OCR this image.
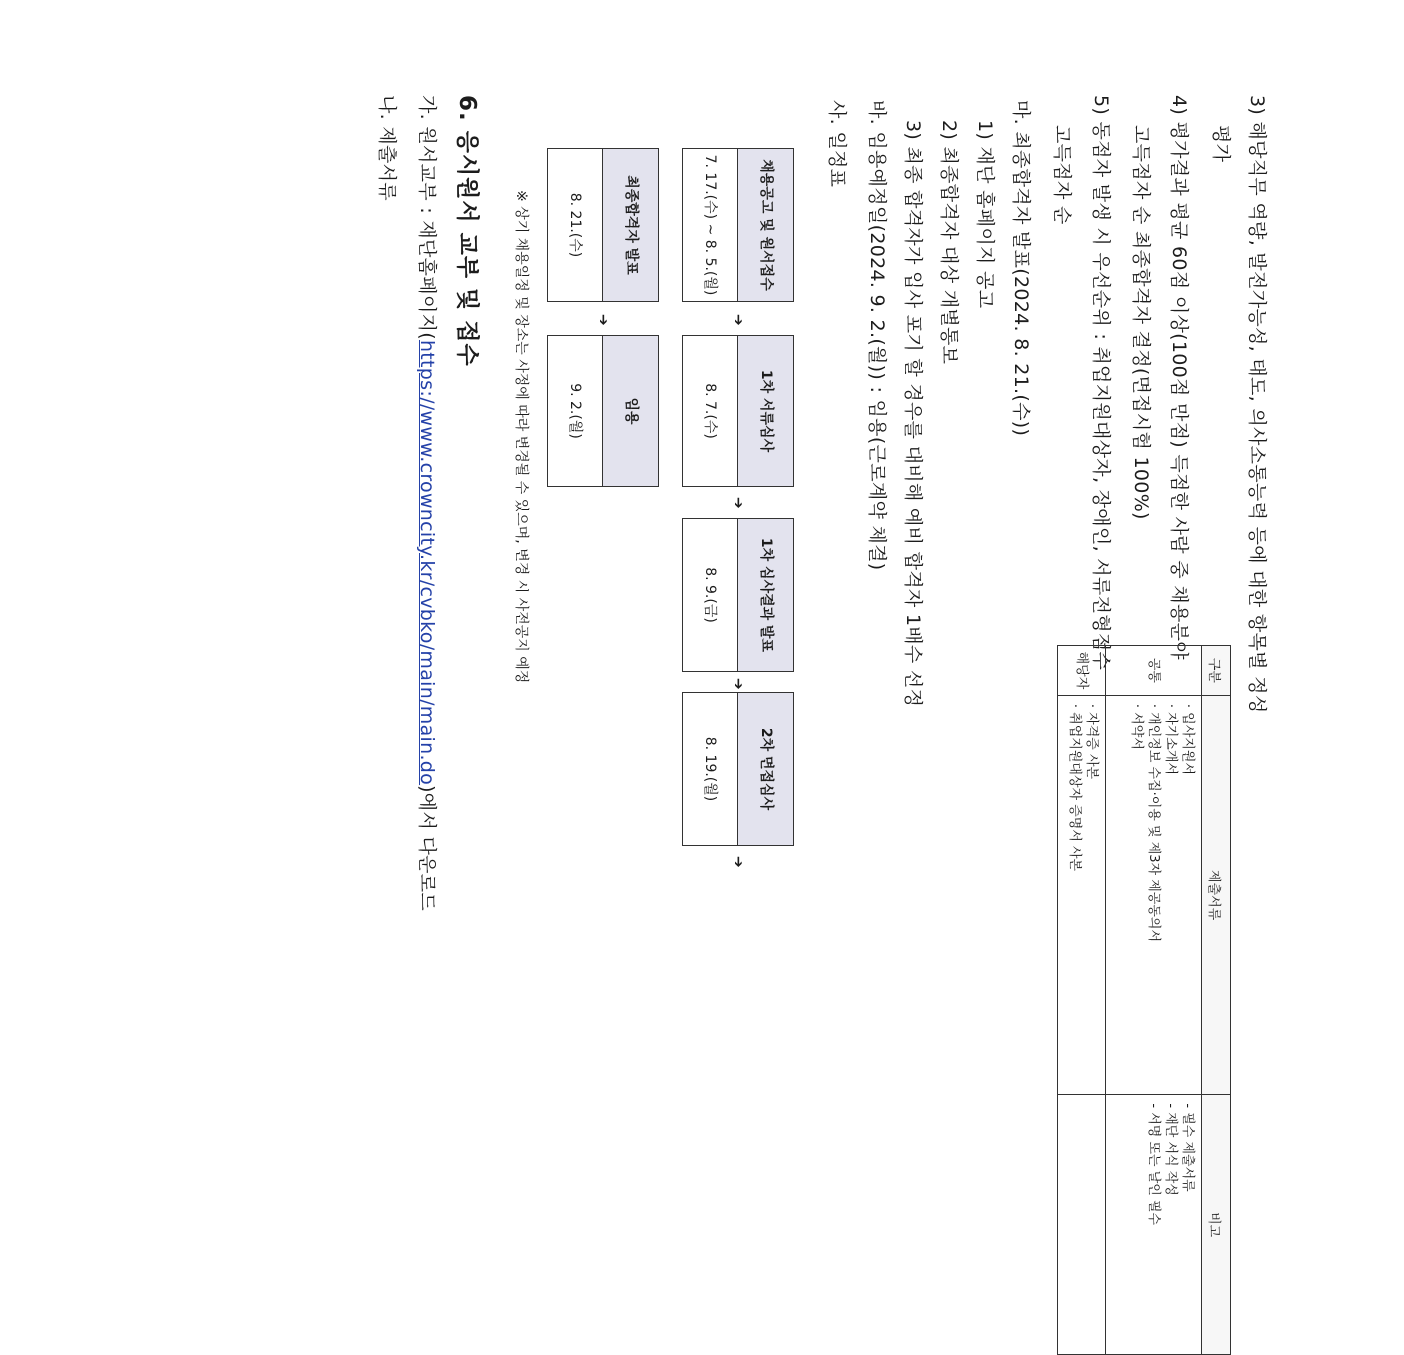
3) 해당직무 역량, 발전가능성, 태도, 의사소통능력 등에 대한 항목별 정성
평가
4) 평가결과 평균 60점 이상(100점 만점) 득점한 사람 중 채용분야
고득점자 순 최종합격자 결정(면접시험 100%)
5) 동점자 발생 시 우선순위 : 취업지원대상자, 장애인, 서류전형점수
고득점자 순
마. 최종합격자 발표(2024. 8. 21.(수))
1) 재단 홈페이지 공고
2) 최종합격자 대상 개별통보
3) 최종 합격자가 입사 포기 할 경우를 대비해 예비 합격자 1배수 선정
바. 임용예정일(2024. 9. 2.(월)) : 임용(근로계약 체결)
사. 일정표
채용공고 및 원서접수
7. 17.(수) ~ 8. 5.(월)
➔
1차 서류심사
8. 7.(수)
➔
1차 심사결과 발표
8. 9.(금)
➔
2차 면접심사
8. 19.(월)
➔
최종합격자 발표
8. 21.(수)
➔
임용
9. 2.(월)
※ 상기 채용일정 및 장소는 사정에 따라 변경될 수 있으며, 변경 시 사전공지 예정
6. 응시원서 교부 및 접수
가. 원서교부 : 재단홈페이지(https://www.crowncity.kr/cvbko/main/main.do)에서 다운로드
나. 제출서류
구분	제출서류	비고
공통	· 입사지원서
· 자기소개서
· 개인정보 수집·이용 및 제3자 제공동의서
· 서약서	- 필수 제출서류
- 재단 서식 작성
- 서명 또는 날인 필수

해당자	· 자격증 사본
· 취업지원대상자 증명서 사본	
